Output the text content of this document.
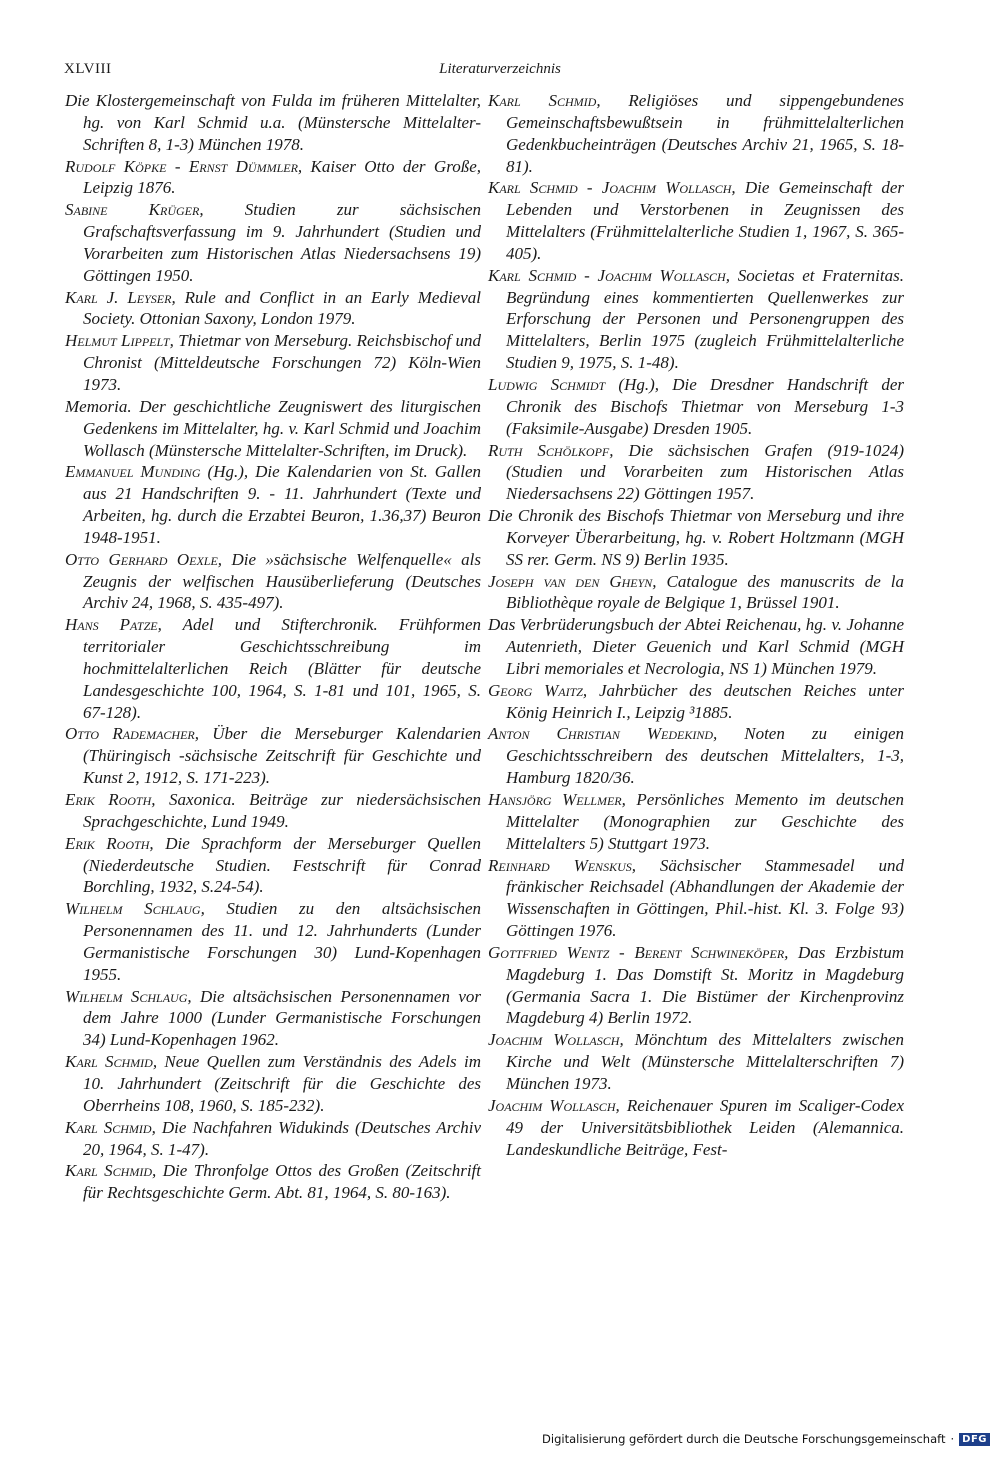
XLVIII	Literaturverzeichnis

Die Klostergemeinschaft von Fulda im früheren Mittelalter, hg. von Karl Schmid u.a. (Münstersche Mittelalter-Schriften 8, 1-3) München 1978.

Rudolf Köpke - Ernst Dümmler, Kaiser Otto der Große, Leipzig 1876.

Sabine Krüger, Studien zur sächsischen Grafschaftsverfassung im 9. Jahrhundert (Studien und Vorarbeiten zum Historischen Atlas Niedersachsens 19) Göttingen 1950.

Karl J. Leyser, Rule and Conflict in an Early Medieval Society. Ottonian Saxony, London 1979.

Helmut Lippelt, Thietmar von Merseburg. Reichsbischof und Chronist (Mitteldeutsche Forschungen 72) Köln-Wien 1973.

Memoria. Der geschichtliche Zeugniswert des liturgischen Gedenkens im Mittelalter, hg. v. Karl Schmid und Joachim Wollasch (Münstersche Mittelalter-Schriften, im Druck).

Emmanuel Munding (Hg.), Die Kalendarien von St. Gallen aus 21 Handschriften 9. - 11. Jahrhundert (Texte und Arbeiten, hg. durch die Erzabtei Beuron, 1.36,37) Beuron 1948-1951.

Otto Gerhard Oexle, Die »sächsische Welfenquelle« als Zeugnis der welfischen Hausüberlieferung (Deutsches Archiv 24, 1968, S. 435-497).

Hans Patze, Adel und Stifterchronik. Frühformen territorialer Geschichtsschreibung im hochmittelalterlichen Reich (Blätter für deutsche Landesgeschichte 100, 1964, S. 1-81 und 101, 1965, S. 67-128).

Otto Rademacher, Über die Merseburger Kalendarien (Thüringisch -sächsische Zeitschrift für Geschichte und Kunst 2, 1912, S. 171-223).

Erik Rooth, Saxonica. Beiträge zur niedersächsischen Sprachgeschichte, Lund 1949.

Erik Rooth, Die Sprachform der Merseburger Quellen (Niederdeutsche Studien. Festschrift für Conrad Borchling, 1932, S.24-54).

Wilhelm Schlaug, Studien zu den altsächsischen Personennamen des 11. und 12. Jahrhunderts (Lunder Germanistische Forschungen 30) Lund-Kopenhagen 1955.

Wilhelm Schlaug, Die altsächsischen Personennamen vor dem Jahre 1000 (Lunder Germanistische Forschungen 34) Lund-Kopenhagen 1962.

Karl Schmid, Neue Quellen zum Verständnis des Adels im 10. Jahrhundert (Zeitschrift für die Geschichte des Oberrheins 108, 1960, S. 185-232).

Karl Schmid, Die Nachfahren Widukinds (Deutsches Archiv 20, 1964, S. 1-47).

Karl Schmid, Die Thronfolge Ottos des Großen (Zeitschrift für Rechtsgeschichte Germ. Abt. 81, 1964, S. 80-163).

Karl Schmid, Religiöses und sippengebundenes Gemeinschaftsbewußtsein in frühmittelalterlichen Gedenkbucheinträgen (Deutsches Archiv 21, 1965, S. 18-81).

Karl Schmid - Joachim Wollasch, Die Gemeinschaft der Lebenden und Verstorbenen in Zeugnissen des Mittelalters (Frühmittelalterliche Studien 1, 1967, S. 365-405).

Karl Schmid - Joachim Wollasch, Societas et Fraternitas. Begründung eines kommentierten Quellenwerkes zur Erforschung der Personen und Personengruppen des Mittelalters, Berlin 1975 (zugleich Frühmittelalterliche Studien 9, 1975, S. 1-48).

Ludwig Schmidt (Hg.), Die Dresdner Handschrift der Chronik des Bischofs Thietmar von Merseburg 1-3 (Faksimile-Ausgabe) Dresden 1905.

Ruth Schölkopf, Die sächsischen Grafen (919-1024) (Studien und Vorarbeiten zum Historischen Atlas Niedersachsens 22) Göttingen 1957.

Die Chronik des Bischofs Thietmar von Merseburg und ihre Korveyer Überarbeitung, hg. v. Robert Holtzmann (MGH SS rer. Germ. NS 9) Berlin 1935.

Joseph van den Gheyn, Catalogue des manuscrits de la Bibliothèque royale de Belgique 1, Brüssel 1901.

Das Verbrüderungsbuch der Abtei Reichenau, hg. v. Johanne Autenrieth, Dieter Geuenich und Karl Schmid (MGH Libri memoriales et Necrologia, NS 1) München 1979.

Georg Waitz, Jahrbücher des deutschen Reiches unter König Heinrich I., Leipzig ³1885.

Anton Christian Wedekind, Noten zu einigen Geschichtsschreibern des deutschen Mittelalters, 1-3, Hamburg 1820/36.

Hansjörg Wellmer, Persönliches Memento im deutschen Mittelalter (Monographien zur Geschichte des Mittelalters 5) Stuttgart 1973.

Reinhard Wenskus, Sächsischer Stammesadel und fränkischer Reichsadel (Abhandlungen der Akademie der Wissenschaften in Göttingen, Phil.-hist. Kl. 3. Folge 93) Göttingen 1976.

Gottfried Wentz - Berent Schwineköper, Das Erzbistum Magdeburg 1. Das Domstift St. Moritz in Magdeburg (Germania Sacra 1. Die Bistümer der Kirchenprovinz Magdeburg 4) Berlin 1972.

Joachim Wollasch, Mönchtum des Mittelalters zwischen Kirche und Welt (Münstersche Mittelalterschriften 7) München 1973.

Joachim Wollasch, Reichenauer Spuren im Scaliger-Codex 49 der Universitätsbibliothek Leiden (Alemannica. Landeskundliche Beiträge, Fest-

Digitalisierung gefördert durch die Deutsche Forschungsgemeinschaft · DFG
